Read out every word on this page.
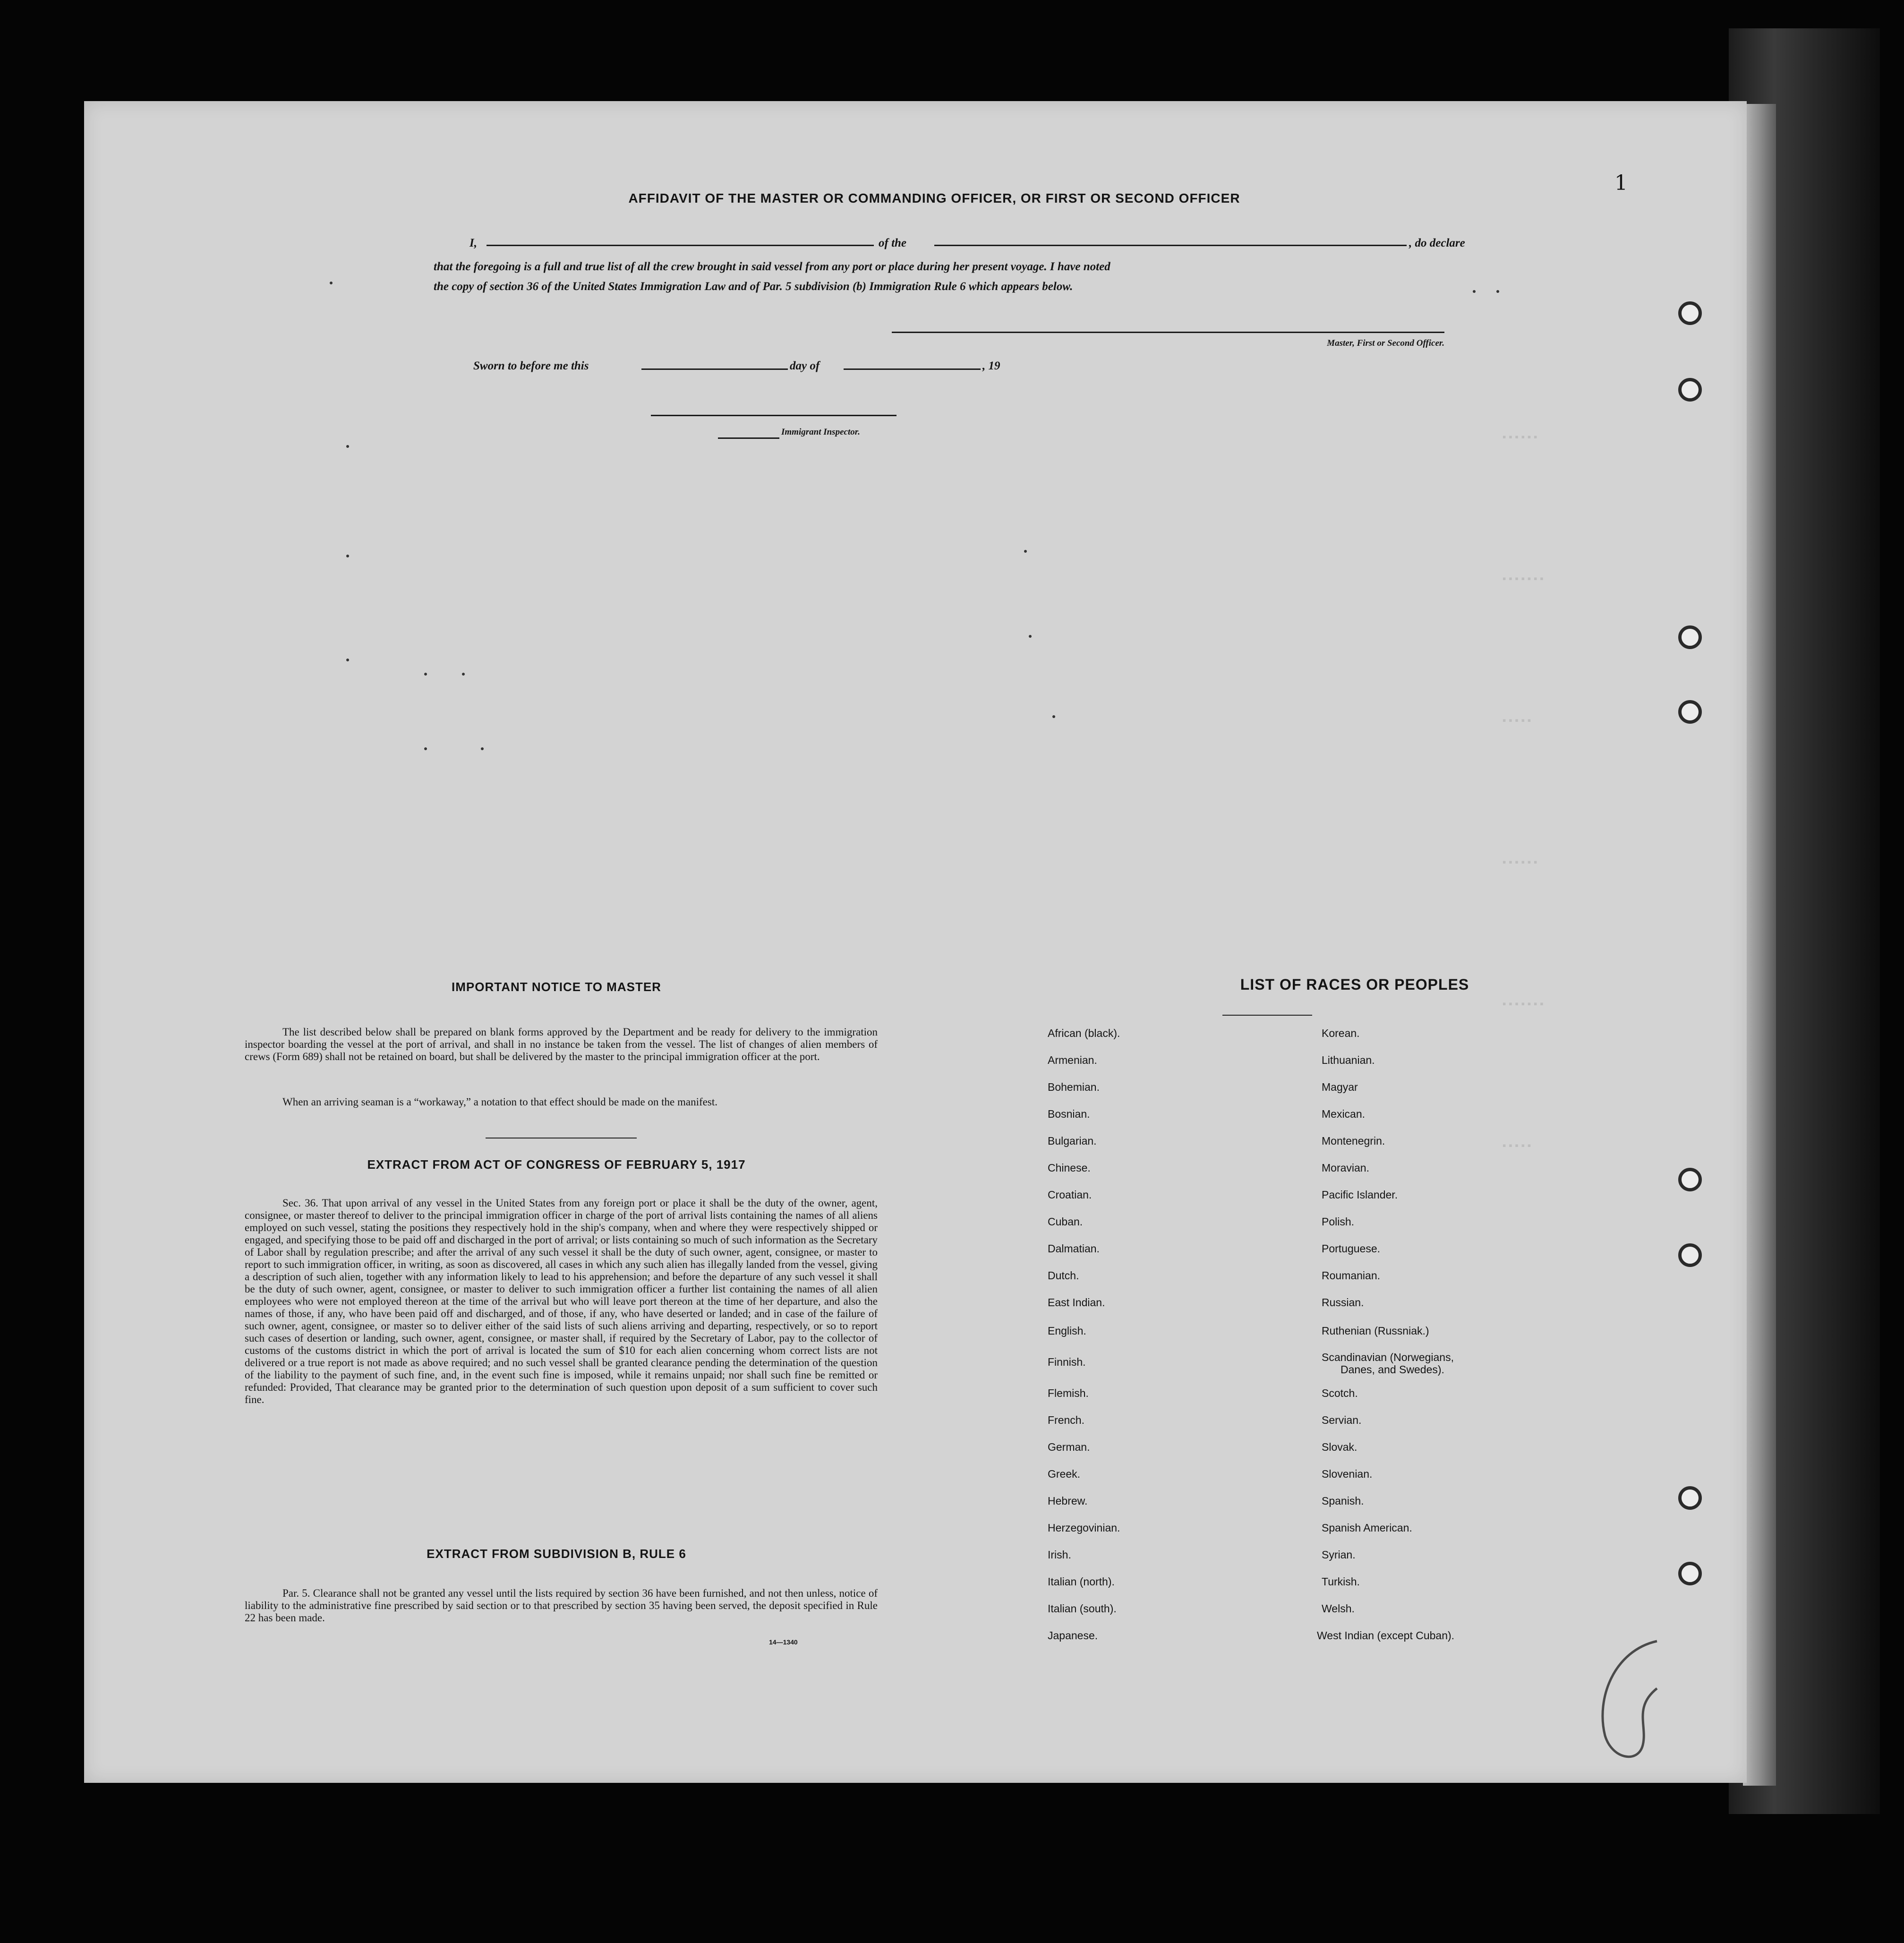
1
▪▪▪▪▪▪
▪▪▪▪▪▪▪
▪▪▪▪▪
▪▪▪▪▪▪
▪▪▪▪▪▪▪
▪▪▪▪▪
AFFIDAVIT OF THE MASTER OR COMMANDING OFFICER, OR FIRST OR SECOND OFFICER
I,	of the	, do declare
that the foregoing is a full and true list of all the crew brought in said vessel from any port or place during her present voyage. I have noted
the copy of section 36 of the United States Immigration Law and of Par. 5 subdivision (b) Immigration Rule 6 which appears below.
Master, First or Second Officer.
Sworn to before me this	day of	, 19
Immigrant Inspector.
IMPORTANT NOTICE TO MASTER
The list described below shall be prepared on blank forms approved by the Department and be ready for delivery to the immigration inspector boarding the vessel at the port of arrival, and shall in no instance be taken from the vessel. The list of changes of alien members of crews (Form 689) shall not be retained on board, but shall be delivered by the master to the principal immigration officer at the port.
When an arriving seaman is a “workaway,” a notation to that effect should be made on the manifest.
EXTRACT FROM ACT OF CONGRESS OF FEBRUARY 5, 1917
Sec. 36. That upon arrival of any vessel in the United States from any foreign port or place it shall be the duty of the owner, agent, consignee, or master thereof to deliver to the principal immigration officer in charge of the port of arrival lists containing the names of all aliens employed on such vessel, stating the positions they respectively hold in the ship's company, when and where they were respectively shipped or engaged, and specifying those to be paid off and discharged in the port of arrival; or lists containing so much of such information as the Secretary of Labor shall by regulation prescribe; and after the arrival of any such vessel it shall be the duty of such owner, agent, consignee, or master to report to such immigration officer, in writing, as soon as discovered, all cases in which any such alien has illegally landed from the vessel, giving a description of such alien, together with any information likely to lead to his apprehension; and before the departure of any such vessel it shall be the duty of such owner, agent, consignee, or master to deliver to such immigration officer a further list containing the names of all alien employees who were not employed thereon at the time of the arrival but who will leave port thereon at the time of her departure, and also the names of those, if any, who have been paid off and discharged, and of those, if any, who have deserted or landed; and in case of the failure of such owner, agent, consignee, or master so to deliver either of the said lists of such aliens arriving and departing, respectively, or so to report such cases of desertion or landing, such owner, agent, consignee, or master shall, if required by the Secretary of Labor, pay to the collector of customs of the customs district in which the port of arrival is located the sum of $10 for each alien concerning whom correct lists are not delivered or a true report is not made as above required; and no such vessel shall be granted clearance pending the determination of the question of the liability to the payment of such fine, and, in the event such fine is imposed, while it remains unpaid; nor shall such fine be remitted or refunded: Provided, That clearance may be granted prior to the determination of such question upon deposit of a sum sufficient to cover such fine.
EXTRACT FROM SUBDIVISION B, RULE 6
Par. 5. Clearance shall not be granted any vessel until the lists required by section 36 have been furnished, and not then unless, notice of liability to the administrative fine prescribed by said section or to that prescribed by section 35 having been served, the deposit specified in Rule 22 has been made.
14—1340
LIST OF RACES OR PEOPLES
African (black).
Armenian.
Bohemian.
Bosnian.
Bulgarian.
Chinese.
Croatian.
Cuban.
Dalmatian.
Dutch.
East Indian.
English.
Finnish.
Flemish.
French.
German.
Greek.
Hebrew.
Herzegovinian.
Irish.
Italian (north).
Italian (south).
Japanese.
Korean.
Lithuanian.
Magyar
Mexican.
Montenegrin.
Moravian.
Pacific Islander.
Polish.
Portuguese.
Roumanian.
Russian.
Ruthenian (Russniak.)
Scandinavian (Norwegians,
Danes, and Swedes).
Scotch.
Servian.
Slovak.
Slovenian.
Spanish.
Spanish American.
Syrian.
Turkish.
Welsh.
West Indian (except Cuban).
